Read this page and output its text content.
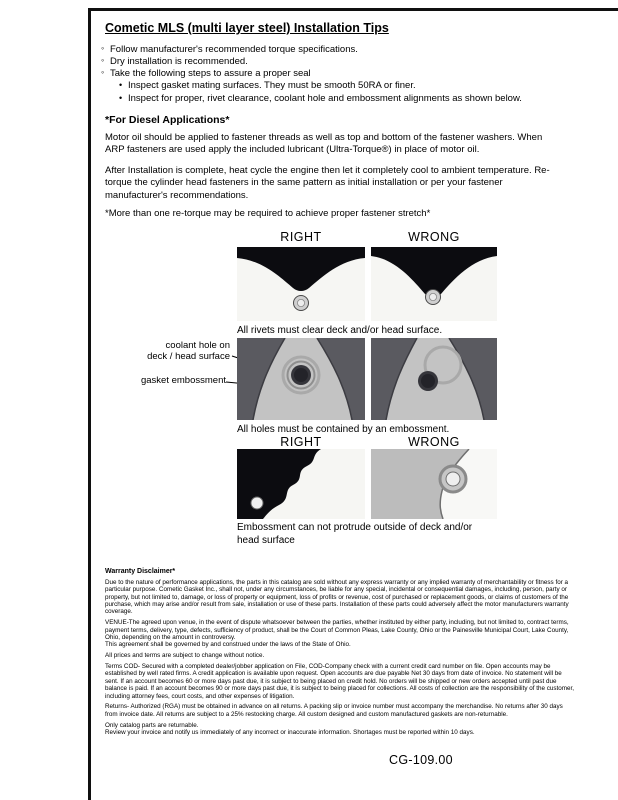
Cometic MLS (multi layer steel) Installation Tips
◦ Follow manufacturer's recommended torque specifications.
◦ Dry installation is recommended.
◦ Take the following steps to assure a proper seal
• Inspect gasket mating surfaces. They must be smooth 50RA or finer.
• Inspect for proper, rivet clearance, coolant hole and embossment alignments as shown below.
*For Diesel Applications*
Motor oil should be applied to fastener threads as well as top and bottom of the fastener washers. When ARP fasteners are used apply the included lubricant (Ultra-Torque®) in place of motor oil.
After Installation is complete, heat cycle the engine then let it completely cool to ambient temperature. Re-torque the cylinder head fasteners in the same pattern as initial installation or per your fastener manufacturer's recommendations.
*More than one re-torque may be required to achieve proper fastener stretch*
RIGHT	WRONG
All rivets must clear deck and/or head surface.
coolant hole on
deck / head surface
gasket embossment
All holes must be contained by an embossment.
RIGHT	WRONG
Embossment can not protrude outside of deck and/or head surface
Warranty Disclaimer*

Due to the nature of performance applications, the parts in this catalog are sold without any express warranty or any implied warranty of merchantability or fitness for a particular purpose. Cometic Gasket Inc., shall not, under any circumstances, be liable for any special, incidental or consequential damages, including, person, party or property, but not limited to, damage, or loss of property or equipment, loss of profits or revenue, cost of purchased or replacement goods, or claims of customers of the purchase, which may arise and/or result from sale, installation or use of these parts. Installation of these parts could adversely affect the motor manufacturers warranty coverage.

VENUE-The agreed upon venue, in the event of dispute whatsoever between the parties, whether instituted by either party, including, but not limited to, contract terms, payment terms, delivery, type, defects, sufficiency of product, shall be the Court of Common Pleas, Lake County, Ohio or the Painesville Municipal Court, Lake County, Ohio, depending on the amount in controversy.

This agreement shall be governed by and construed under the laws of the State of Ohio.

All prices and terms are subject to change without notice.

Terms COD- Secured with a completed dealer/jobber application on File, COD-Company check with a current credit card number on file. Open accounts may be established by well rated firms. A credit application is available upon request. Open accounts are due payable Net 30 days from date of invoice. No statement will be sent. If an account becomes 60 or more days past due, it is subject to being placed on credit hold. No orders will be shipped or new orders accepted until past due balance is paid. If an account becomes 90 or more days past due, it is subject to being placed for collections. All costs of collection are the responsibility of the customer, including attorney fees, court costs, and other expenses of litigation.

Returns- Authorized (RGA) must be obtained in advance on all returns. A packing slip or invoice number must accompany the merchandise. No returns after 30 days from invoice date. All returns are subject to a 25% restocking charge. All custom designed and custom manufactured gaskets are non-returnable.

Only catalog parts are returnable.

Review your invoice and notify us immediately of any incorrect or inaccurate information. Shortages must be reported within 10 days.

CG-109.00
